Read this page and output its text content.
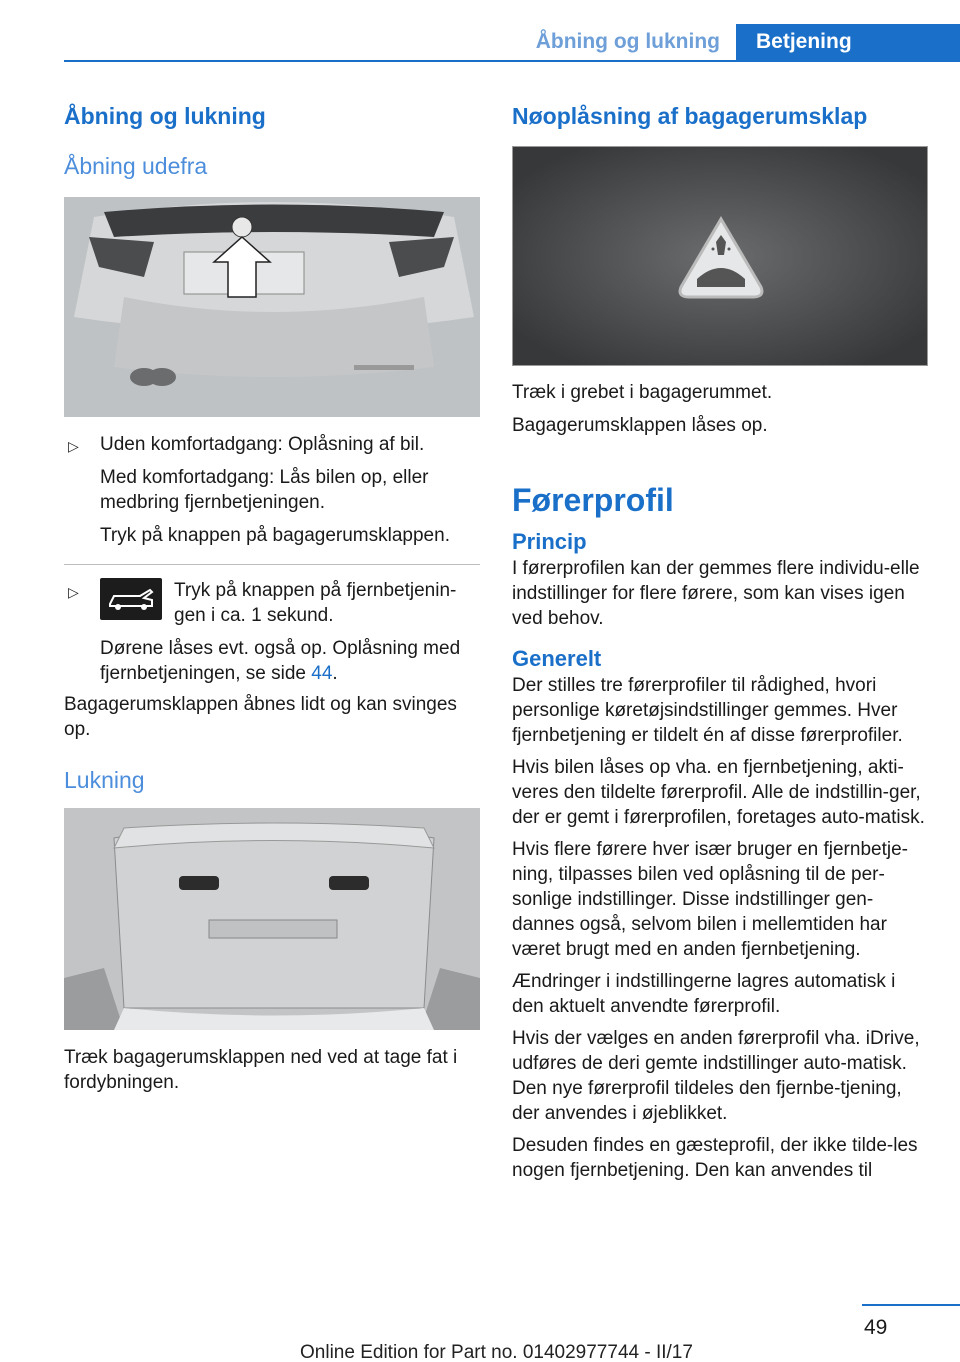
Åbning og lukning	Betjening
Åbning og lukning
Åbning udefra
▷ Uden komfortadgang: Oplåsning af bil.
Med komfortadgang: Lås bilen op, eller medbring fjernbetjeningen.
Tryk på knappen på bagagerumsklappen.
▷	Tryk på knappen på fjernbetjenin-gen i ca. 1 sekund.
Dørene låses evt. også op. Oplåsning med fjernbetjeningen, se side 44.
Bagagerumsklappen åbnes lidt og kan svinges op.
Lukning
Træk bagagerumsklappen ned ved at tage fat i fordybningen.
Nøoplåsning af bagagerumsklap
Træk i grebet i bagagerummet.
Bagagerumsklappen låses op.
Førerprofil
Princip
I førerprofilen kan der gemmes flere individu-elle indstillinger for flere førere, som kan vises igen ved behov.
Generelt
Der stilles tre førerprofiler til rådighed, hvori personlige køretøjsindstillinger gemmes. Hver fjernbetjening er tildelt én af disse førerprofiler.
Hvis bilen låses op vha. en fjernbetjening, akti-veres den tildelte førerprofil. Alle de indstillin-ger, der er gemt i førerprofilen, foretages auto-matisk.
Hvis flere førere hver især bruger en fjernbetje-ning, tilpasses bilen ved oplåsning til de per-sonlige indstillinger. Disse indstillinger gen-dannes også, selvom bilen i mellemtiden har været brugt med en anden fjernbetjening.
Ændringer i indstillingerne lagres automatisk i den aktuelt anvendte førerprofil.
Hvis der vælges en anden førerprofil vha. iDrive, udføres de deri gemte indstillinger auto-matisk. Den nye førerprofil tildeles den fjernbe-tjening, der anvendes i øjeblikket.
Desuden findes en gæsteprofil, der ikke tilde-les nogen fjernbetjening. Den kan anvendes til
49
Online Edition for Part no. 01402977744 - II/17
